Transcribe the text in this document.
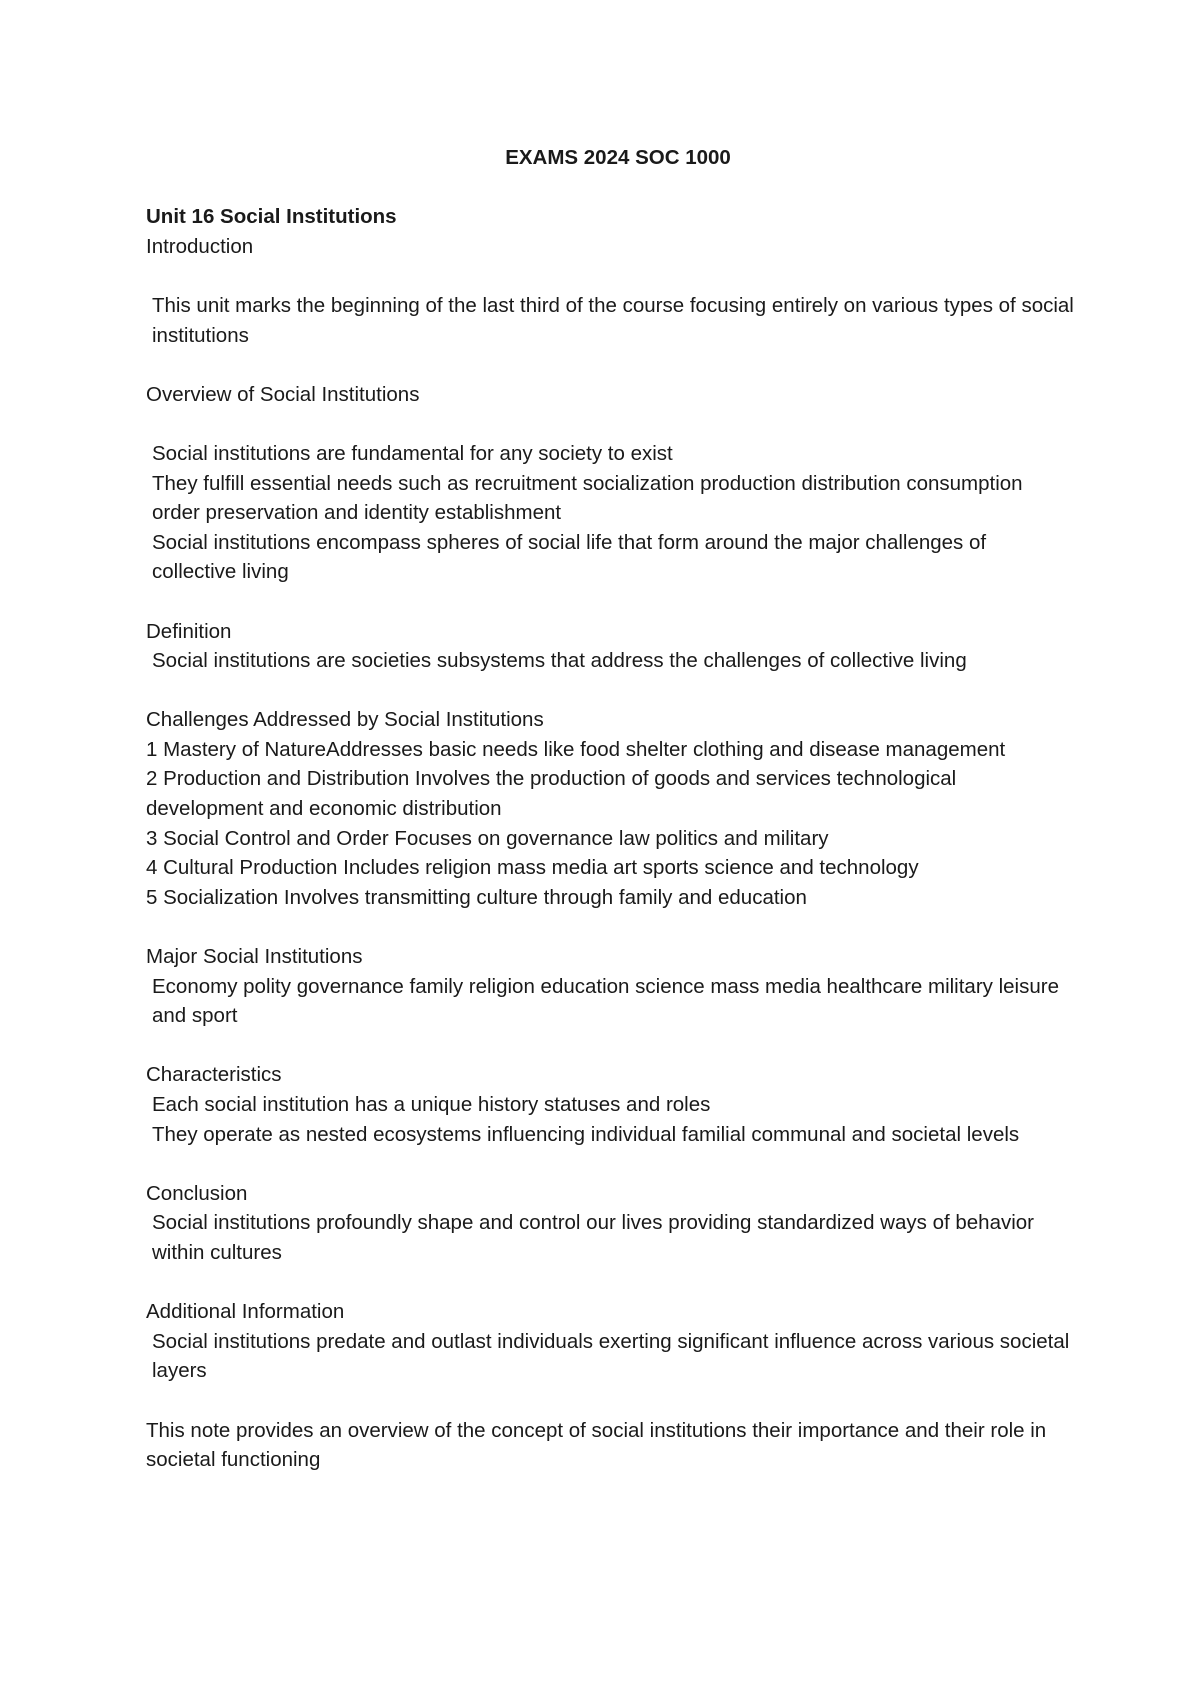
EXAMS 2024 SOC 1000

Unit 16 Social Institutions

Introduction

This unit marks the beginning of the last third of the course focusing entirely on various types of social institutions

Overview of Social Institutions

Social institutions are fundamental for any society to exist

They fulfill essential needs such as recruitment socialization production distribution consumption order preservation and identity establishment

Social institutions encompass spheres of social life that form around the major challenges of collective living

Definition

Social institutions are societies subsystems that address the challenges of collective living

Challenges Addressed by Social Institutions

1 Mastery of NatureAddresses basic needs like food shelter clothing and disease management

2 Production and Distribution Involves the production of goods and services technological development and economic distribution

3 Social Control and Order Focuses on governance law politics and military

4 Cultural Production Includes religion mass media art sports science and technology

5 Socialization Involves transmitting culture through family and education

Major Social Institutions

Economy polity governance family religion education science mass media healthcare military leisure and sport

Characteristics

Each social institution has a unique history statuses and roles

They operate as nested ecosystems influencing individual familial communal and societal levels

Conclusion

Social institutions profoundly shape and control our lives providing standardized ways of behavior within cultures

Additional Information

Social institutions predate and outlast individuals exerting significant influence across various societal layers

This note provides an overview of the concept of social institutions their importance and their role in societal functioning
